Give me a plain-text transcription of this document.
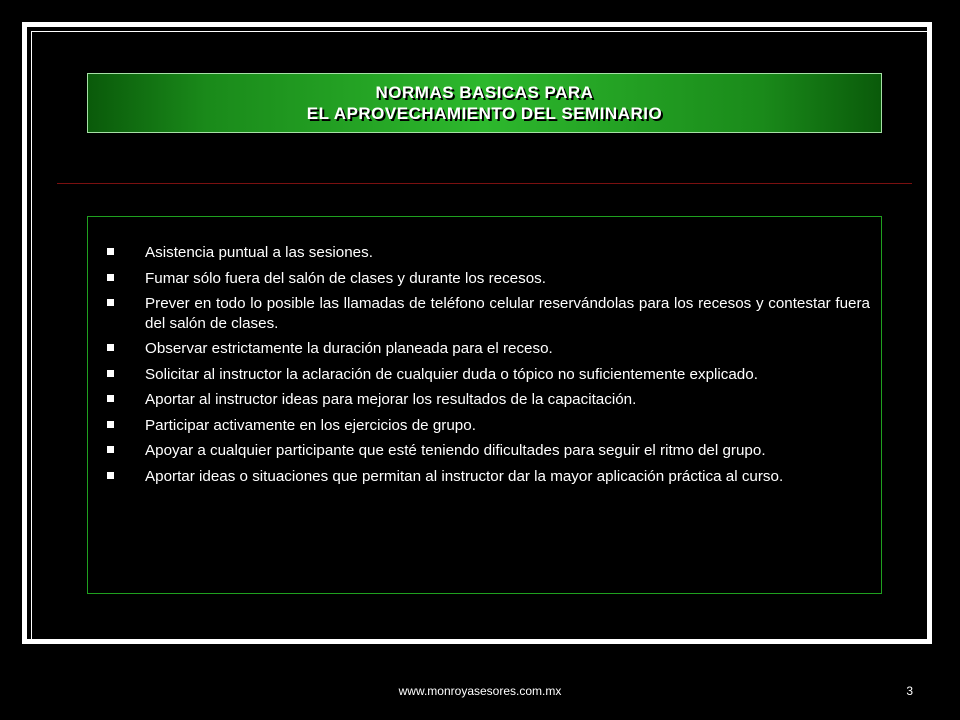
NORMAS BASICAS PARA
EL APROVECHAMIENTO DEL SEMINARIO
Asistencia puntual a las sesiones.
Fumar sólo fuera del salón de clases y durante los recesos.
Prever en todo lo posible las llamadas de teléfono celular reservándolas para los recesos y contestar fuera del salón de clases.
Observar estrictamente la duración planeada para el receso.
Solicitar al instructor la aclaración de cualquier duda o tópico no suficientemente explicado.
Aportar al instructor ideas para mejorar los resultados de la capacitación.
Participar activamente en los ejercicios de grupo.
Apoyar a cualquier participante que esté teniendo dificultades para seguir el ritmo del grupo.
Aportar ideas o situaciones que permitan al instructor dar la mayor aplicación práctica al curso.
www.monroyasesores.com.mx	3
